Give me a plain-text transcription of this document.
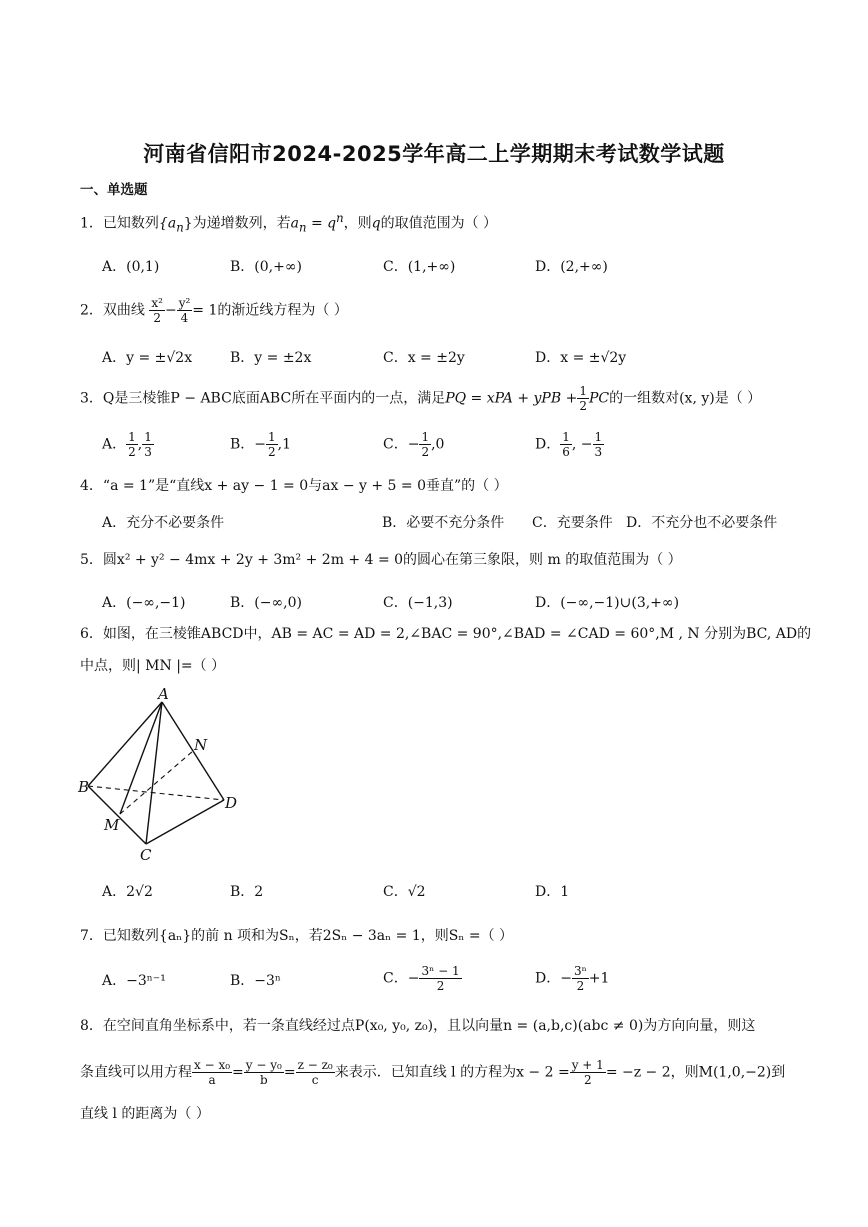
河南省信阳市2024-2025学年高二上学期期末考试数学试题
一、单选题
1．已知数列$\{a_n\}$为递增数列，若$a_n = q^n$，则q的取值范围为（ ）
A．(0,1)	B．(0,+∞)	C．(1,+∞)	D．(2,+∞)
2．双曲线 $\frac{\text{x²}}{2} - \frac{\text{y²}}{4} = 1$的渐近线方程为（ ）
A．y = ±√2x	B．y = ±2x	C．x = ±2y	D．x = ±√2y
3．Q是三棱锥P − ABC底面ABC所在平面内的一点，满足PQ = xPA + yPB + $\frac{1}{2}$ PC的一组数对(x, y)是（ ）
A． $\frac{1}{2}$ , $\frac{1}{3}$	B．− $\frac{1}{2} ,1$	C．− $\frac{1}{2} ,0$	D． $\frac{1}{6}$ , − $\frac{1}{3}$
4．“a = 1”是“直线x + ay − 1 = 0与ax − y + 5 = 0垂直”的（ ）
A．充分不必要条件	B．必要不充分条件 C．充要条件 D．不充分也不必要条件
5．圆x² + y² − 4mx + 2y + 3m² + 2m + 4 = 0的圆心在第三象限，则 m 的取值范围为（ ）
A．(−∞,−1)	B．(−∞,0)	C．(−1,3)	D．(−∞,−1)∪(3,+∞)
6．如图，在三棱锥ABCD中，AB = AC = AD = 2,∠BAC = 90°,∠BAD = ∠CAD = 60°,M , N 分别为BC, AD的
中点，则| MN |=（ ）
A
B
C
D
M
N
A．2√2	B．2	C．√2	D．1
7．已知数列{aₙ}的前 n 项和为Sₙ，若2Sₙ − 3aₙ = 1，则Sₙ =（ ）
A．−3ⁿ⁻¹	B．−3ⁿ	C．− $\frac{\text{3ⁿ − 1}}{2}$	D．− $\frac{\text{3ⁿ}}{2} +1$
8．在空间直角坐标系中，若一条直线经过点P(x₀, y₀, z₀)，且以向量n = (a,b,c)(abc ≠ 0)为方向向量，则这
条直线可以用方程 $\frac{\text{x − x₀}}{a} = \frac{\text{y − y₀}}{b} = \frac{\text{z − z₀}}{c}$ 来表示．已知直线 l 的方程为$x - 2 = \frac{y + 1}{2} = -z - 2$，则M(1,0,−2)到
直线 l 的距离为（ ）
